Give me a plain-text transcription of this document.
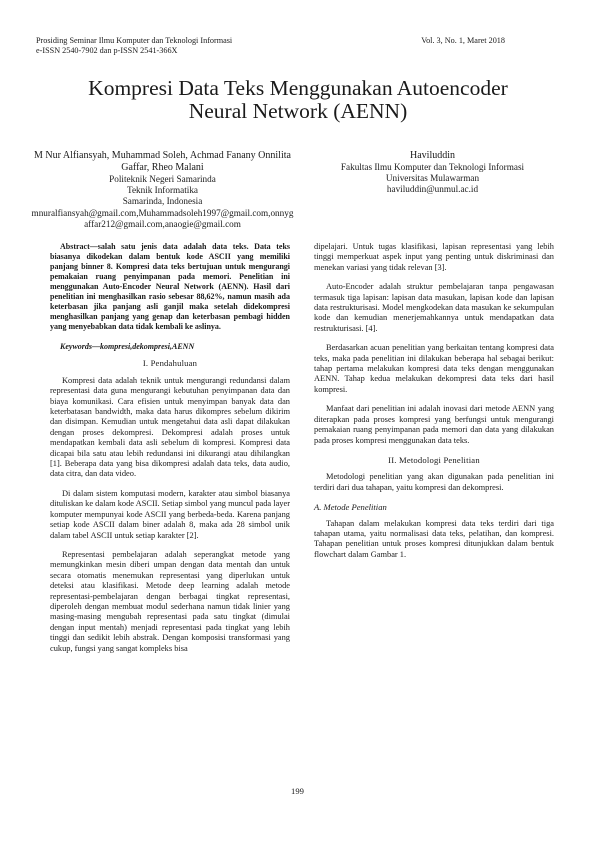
Prosiding Seminar Ilmu Komputer dan Teknologi Informasi
e-ISSN 2540-7902 dan p-ISSN 2541-366X
Vol. 3, No. 1, Maret 2018
Kompresi Data Teks Menggunakan Autoencoder
Neural Network (AENN)
M Nur Alfiansyah, Muhammad Soleh, Achmad Fanany Onnilita Gaffar, Rheo Malani
Politeknik Negeri Samarinda
Teknik Informatika
Samarinda, Indonesia
mnuralfiansyah@gmail.com,Muhammadsoleh1997@gmail.com,onnygaffar212@gmail.com,anaogie@gmail.com
Haviluddin
Fakultas Ilmu Komputer dan Teknologi Informasi
Universitas Mulawarman
haviluddin@unmul.ac.id

Abstract—salah satu jenis data adalah data teks. Data teks biasanya dikodekan dalam bentuk kode ASCII yang memiliki panjang binner 8. Kompresi data teks bertujuan untuk mengurangi pemakaian ruang penyimpanan pada memori. Penelitian ini menggunakan Auto-Encoder Neural Network (AENN). Hasil dari penelitian ini menghasilkan rasio sebesar 88,62%, namun masih ada keterbasan jika panjang asli ganjil maka setelah didekompresi menghasilkan panjang yang genap dan keterbasan pembagi hidden yang menyebabkan data tidak kembali ke aslinya.

Keywords—kompresi,dekompresi,AENN

I. Pendahuluan

Kompresi data adalah teknik untuk mengurangi redundansi dalam representasi data guna mengurangi kebutuhan penyimpanan data dan biaya komunikasi. Cara efisien untuk menyimpan banyak data dan keterbatasan bandwidth, maka data harus dikompres sebelum dikirim dan disimpan. Kemudian untuk mengetahui data asli dapat dilakukan dengan proses dekompresi. Dekompresi adalah proses untuk mendapatkan kembali data asli sebelum di kompresi. Kompresi data dicapai bila satu atau lebih redundansi ini dikurangi atau dihilangkan [1]. Beberapa data yang bisa dikompresi adalah data teks, data audio, data citra, dan data video.

Di dalam sistem komputasi modern, karakter atau simbol biasanya dituliskan ke dalam kode ASCII. Setiap simbol yang muncul pada layer komputer mempunyai kode ASCII yang berbeda-beda. Karena panjang setiap kode ASCII dalam biner adalah 8, maka ada 28 simbol unik dalam tabel ASCII untuk setiap karakter [2].

Representasi pembelajaran adalah seperangkat metode yang memungkinkan mesin diberi umpan dengan data mentah dan untuk secara otomatis menemukan representasi yang diperlukan untuk deteksi atau klasifikasi. Metode deep learning adalah metode representasi-pembelajaran dengan berbagai tingkat representasi, diperoleh dengan membuat modul sederhana namun tidak linier yang masing-masing mengubah representasi pada satu tingkat (dimulai dengan input mentah) menjadi representasi pada tingkat yang lebih tinggi dan sedikit lebih abstrak. Dengan komposisi transformasi yang cukup, fungsi yang sangat kompleks bisa

dipelajari. Untuk tugas klasifikasi, lapisan representasi yang lebih tinggi memperkuat aspek input yang penting untuk diskriminasi dan menekan variasi yang tidak relevan [3].

Auto-Encoder adalah struktur pembelajaran tanpa pengawasan termasuk tiga lapisan: lapisan data masukan, lapisan kode dan lapisan data restrukturisasi. Model mengkodekan data masukan ke sekumpulan kode dan kemudian menerjemahkannya untuk mendapatkan data restrukturisasi. [4].

Berdasarkan acuan penelitian yang berkaitan tentang kompresi data teks, maka pada penelitian ini dilakukan beberapa hal sebagai berikut: tahap pertama melakukan kompresi data teks dengan menggunakan AENN. Tahap kedua melakukan dekompresi data teks dari hasil kompresi.

Manfaat dari penelitian ini adalah inovasi dari metode AENN yang diterapkan pada proses kompresi yang berfungsi untuk mengurangi pemakaian ruang penyimpanan pada memori dan data yang dilakukan pada proses kompresi menggunakan data teks.

II. Metodologi Penelitian

Metodologi penelitian yang akan digunakan pada penelitian ini terdiri dari dua tahapan, yaitu kompresi dan dekompresi.

A. Metode Penelitian

Tahapan dalam melakukan kompresi data teks terdiri dari tiga tahapan utama, yaitu normalisasi data teks, pelatihan, dan kompresi. Tahapan penelitian untuk proses kompresi ditunjukkan dalam bentuk flowchart dalam Gambar 1.

199
